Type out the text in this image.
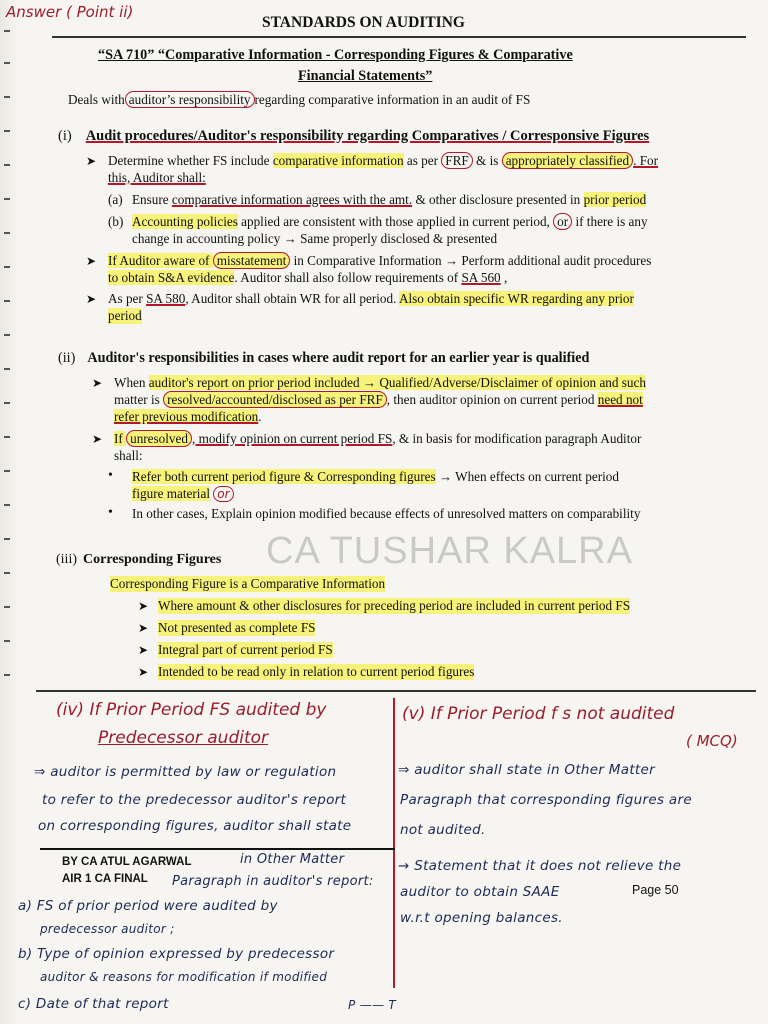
Answer ( Point ii)
STANDARDS ON AUDITING
“SA 710” “Comparative Information - Corresponding Figures & Comparative
Financial Statements”
Deals with auditor’s responsibility regarding comparative information in an audit of FS
(i) Audit procedures/Auditor's responsibility regarding Comparatives / Corresponsive Figures
➤ Determine whether FS include comparative information as per FRF & is appropriately classified . For
this, Auditor shall:
(a) Ensure comparative information agrees with the amt. & other disclosure presented in prior period
(b) Accounting policies applied are consistent with those applied in current period, or if there is any
change in accounting policy → Same properly disclosed & presented
➤ If Auditor aware of misstatement in Comparative Information → Perform additional audit procedures
to obtain S&A evidence. Auditor shall also follow requirements of SA 560 ,
➤ As per SA 580, Auditor shall obtain WR for all period. Also obtain specific WR regarding any prior
period
(ii) Auditor's responsibilities in cases where audit report for an earlier year is qualified
➤ When auditor's report on prior period included → Qualified/Adverse/Disclaimer of opinion and such
matter is resolved/accounted/disclosed as per FRF , then auditor opinion on current period need not
refer previous modification.
➤ If unresolved , modify opinion on current period FS, & in basis for modification paragraph Auditor
shall:
• Refer both current period figure & Corresponding figures → When effects on current period
figure material or
• In other cases, Explain opinion modified because effects of unresolved matters on comparability
CA TUSHAR KALRA
(iii) Corresponding Figures
Corresponding Figure is a Comparative Information
➤ Where amount & other disclosures for preceding period are included in current period FS
➤ Not presented as complete FS
➤ Integral part of current period FS
➤ Intended to be read only in relation to current period figures
(iv) If Prior Period FS audited by
Predecessor auditor
⇒ auditor is permitted by law or regulation
to refer to the predecessor auditor's report
on corresponding figures, auditor shall state
BY CA ATUL AGARWAL
AIR 1 CA FINAL
in Other Matter
Paragraph in auditor's report:
a) FS of prior period were audited by
predecessor auditor ;
b) Type of opinion expressed by predecessor
auditor & reasons for modification if modified
c) Date of that report	P —— T
(v) If Prior Period f s not audited
( MCQ)
⇒ auditor shall state in Other Matter
Paragraph that corresponding figures are
not audited.
→ Statement that it does not relieve the
auditor to obtain SAAE
w.r.t opening balances.
Page 50
